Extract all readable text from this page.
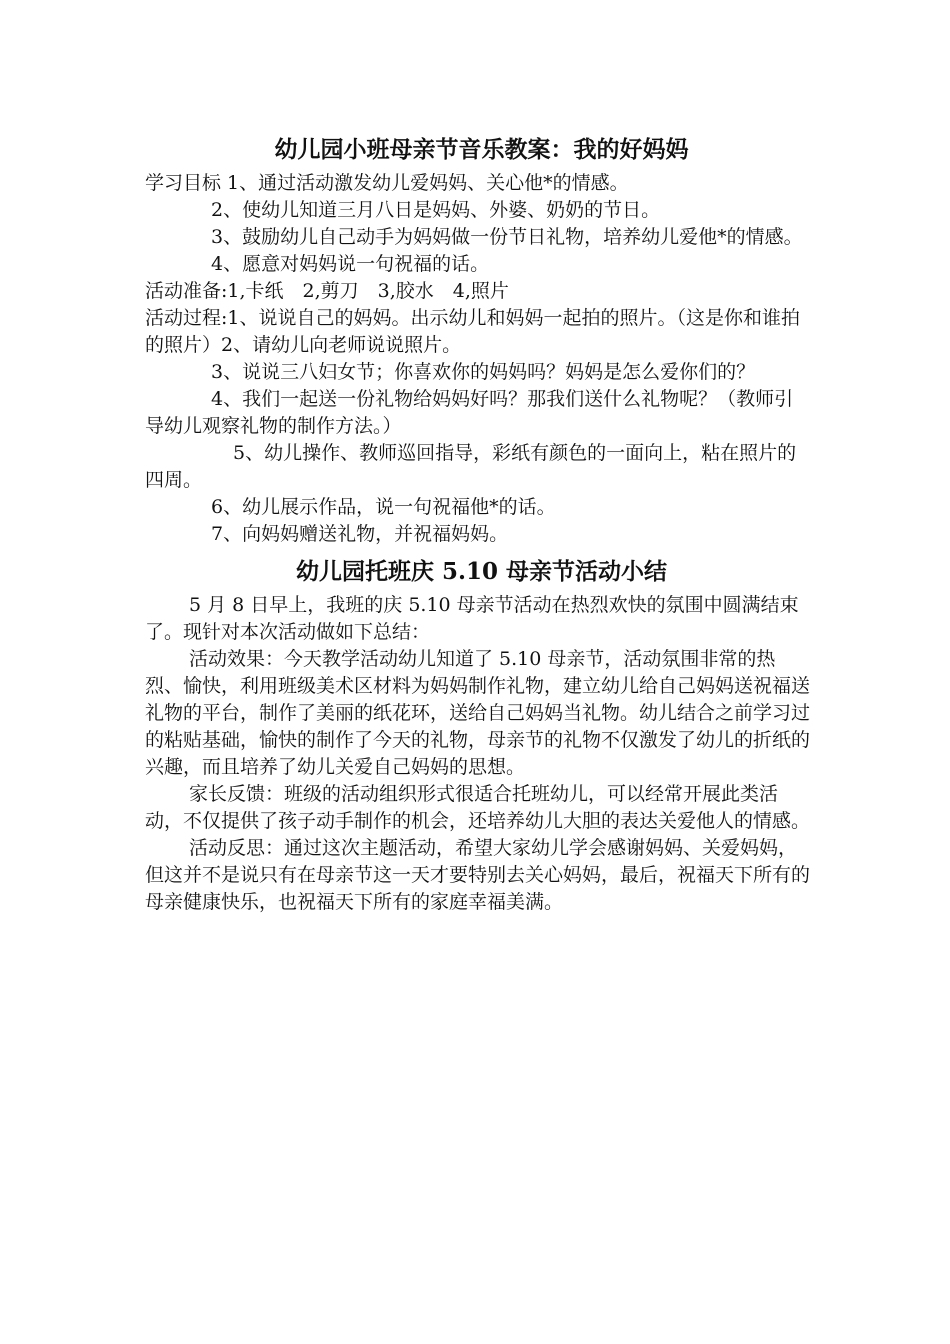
幼儿园小班母亲节音乐教案：我的好妈妈

学习目标 1、通过活动激发幼儿爱妈妈、关心他*的情感。

2、使幼儿知道三月八日是妈妈、外婆、奶奶的节日。

3、鼓励幼儿自己动手为妈妈做一份节日礼物，培养幼儿爱他*的情感。

4、愿意对妈妈说一句祝福的话。

活动准备:1,卡纸　2,剪刀　3,胶水　4,照片

活动过程:1、说说自己的妈妈。出示幼儿和妈妈一起拍的照片。（这是你和谁拍的照片）2、请幼儿向老师说说照片。

3、说说三八妇女节；你喜欢你的妈妈吗？妈妈是怎么爱你们的？

4、我们一起送一份礼物给妈妈好吗？那我们送什么礼物呢？（教师引导幼儿观察礼物的制作方法。）

5、幼儿操作、教师巡回指导，彩纸有颜色的一面向上，粘在照片的四周。

6、幼儿展示作品，说一句祝福他*的话。

7、向妈妈赠送礼物，并祝福妈妈。

幼儿园托班庆 5.10 母亲节活动小结

5 月 8 日早上，我班的庆 5.10 母亲节活动在热烈欢快的氛围中圆满结束了。现针对本次活动做如下总结：

活动效果：今天教学活动幼儿知道了 5.10 母亲节，活动氛围非常的热烈、愉快，利用班级美术区材料为妈妈制作礼物，建立幼儿给自己妈妈送祝福送礼物的平台，制作了美丽的纸花环，送给自己妈妈当礼物。幼儿结合之前学习过的粘贴基础，愉快的制作了今天的礼物，母亲节的礼物不仅激发了幼儿的折纸的兴趣，而且培养了幼儿关爱自己妈妈的思想。

家长反馈：班级的活动组织形式很适合托班幼儿，可以经常开展此类活动，不仅提供了孩子动手制作的机会，还培养幼儿大胆的表达关爱他人的情感。

活动反思：通过这次主题活动，希望大家幼儿学会感谢妈妈、关爱妈妈，但这并不是说只有在母亲节这一天才要特别去关心妈妈，最后，祝福天下所有的母亲健康快乐，也祝福天下所有的家庭幸福美满。
